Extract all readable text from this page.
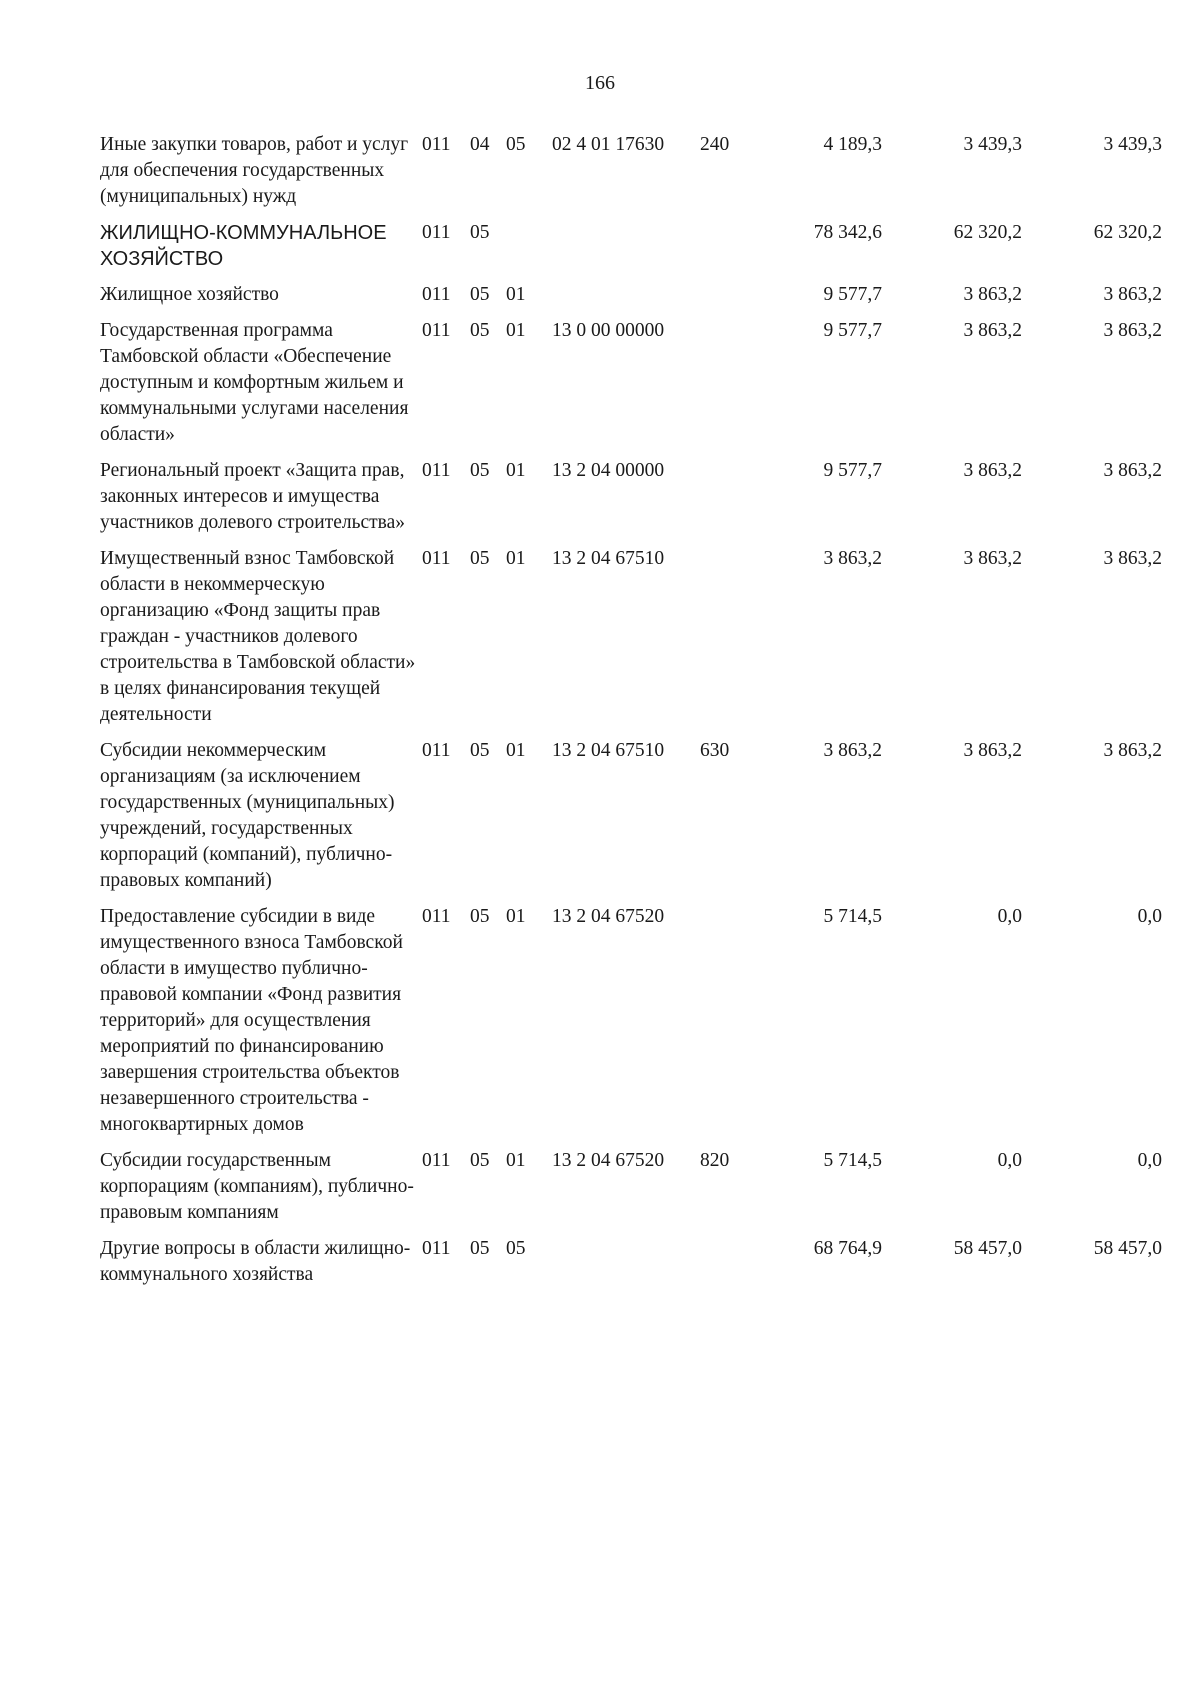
166
Иные закупки товаров, работ и услуг для обеспечения государственных (муниципальных) нужд	011	04	05	02 4 01 17630	240	4 189,3	3 439,3	3 439,3
ЖИЛИЩНО-КОММУНАЛЬНОЕ ХОЗЯЙСТВО	011	05				78 342,6	62 320,2	62 320,2
Жилищное хозяйство	011	05	01			9 577,7	3 863,2	3 863,2
Государственная программа Тамбовской области «Обеспечение доступным и комфортным жильем и коммунальными услугами населения области»	011	05	01	13 0 00 00000		9 577,7	3 863,2	3 863,2
Региональный проект «Защита прав, законных интересов и имущества участников долевого строительства»	011	05	01	13 2 04 00000		9 577,7	3 863,2	3 863,2
Имущественный взнос Тамбовской области в некоммерческую организацию «Фонд защиты прав граждан - участников долевого строительства в Тамбовской области» в целях финансирования текущей деятельности	011	05	01	13 2 04 67510		3 863,2	3 863,2	3 863,2
Субсидии некоммерческим организациям (за исключением государственных (муниципальных) учреждений, государственных корпораций (компаний), публично-правовых компаний)	011	05	01	13 2 04 67510	630	3 863,2	3 863,2	3 863,2
Предоставление субсидии в виде имущественного взноса Тамбовской области в имущество публично-правовой компании «Фонд развития территорий» для осуществления мероприятий по финансированию завершения строительства объектов незавершенного строительства - многоквартирных домов	011	05	01	13 2 04 67520		5 714,5	0,0	0,0
Субсидии государственным корпорациям (компаниям), публично-правовым компаниям	011	05	01	13 2 04 67520	820	5 714,5	0,0	0,0
Другие вопросы в области жилищно-коммунального хозяйства	011	05	05			68 764,9	58 457,0	58 457,0
